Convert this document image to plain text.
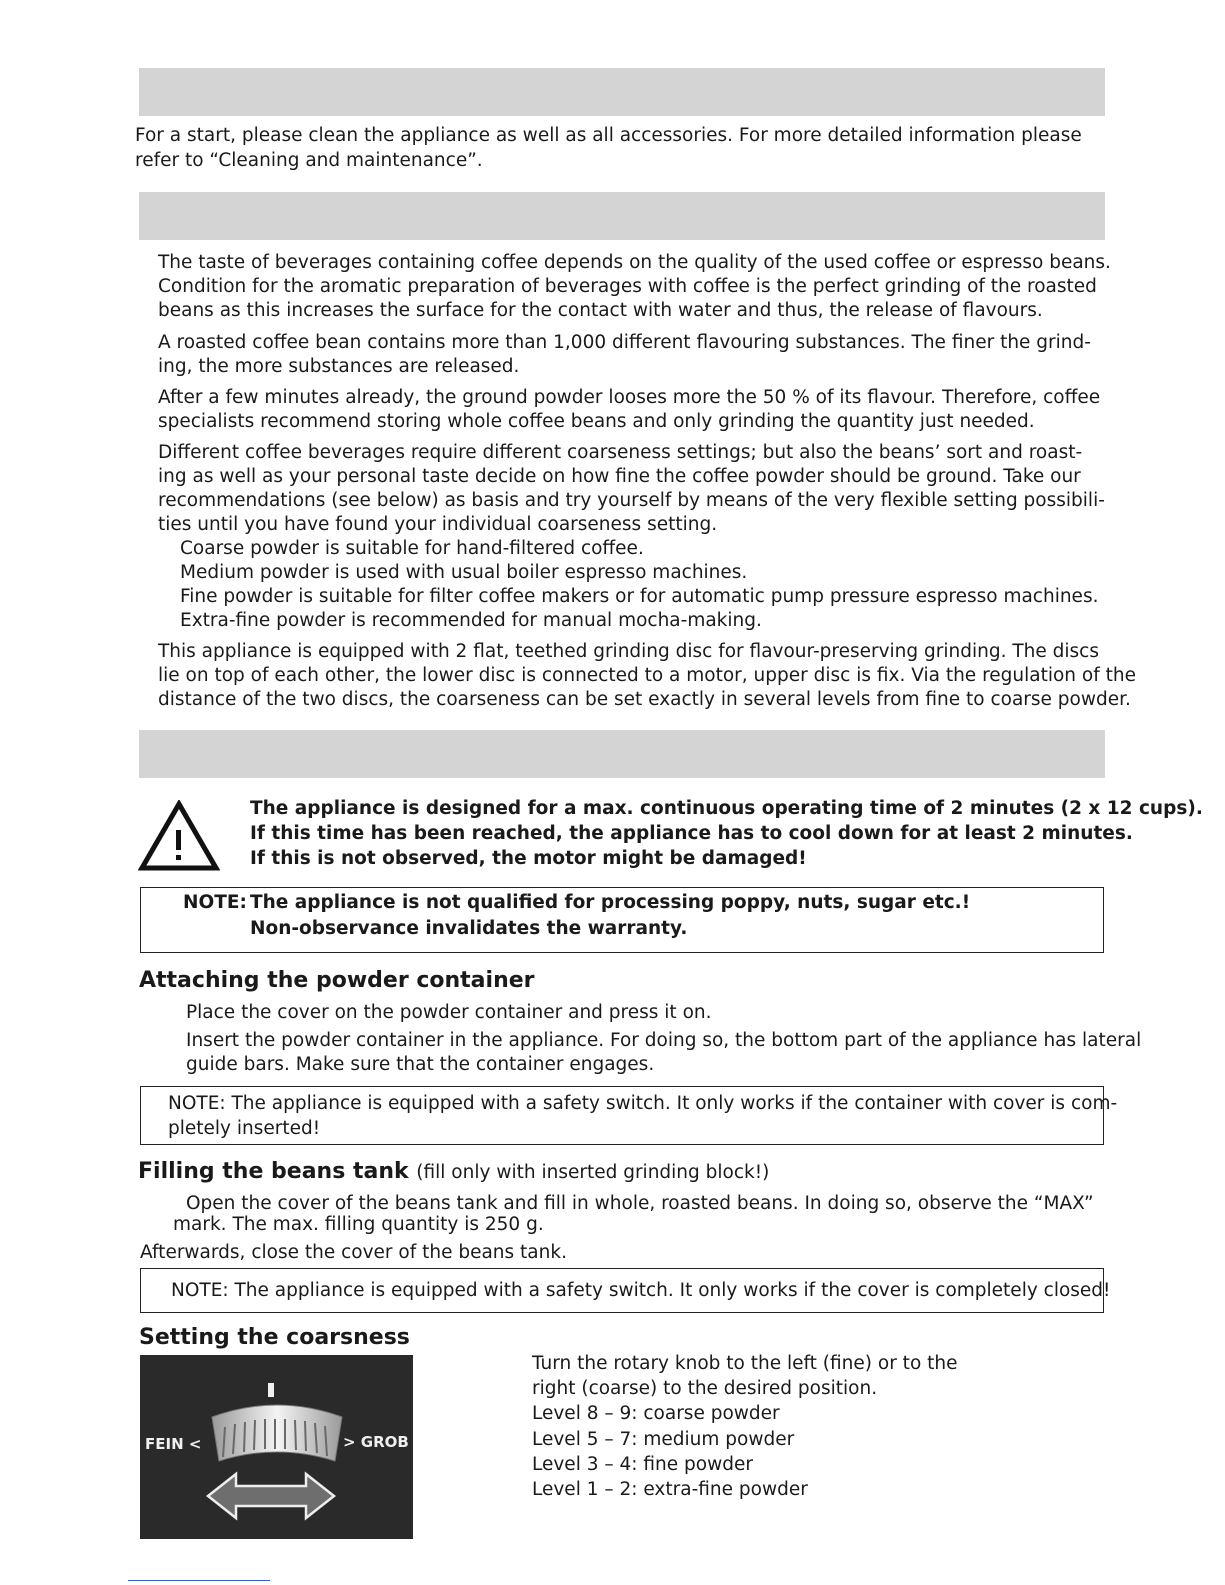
For a start, please clean the appliance as well as all accessories. For more detailed information please

refer to “Cleaning and maintenance”.

The taste of beverages containing coffee depends on the quality of the used coffee or espresso beans.

Condition for the aromatic preparation of beverages with coffee is the perfect grinding of the roasted

beans as this increases the surface for the contact with water and thus, the release of flavours.

A roasted coffee bean contains more than 1,000 different flavouring substances. The finer the grind-

ing, the more substances are released.

After a few minutes already, the ground powder looses more the 50 % of its flavour. Therefore, coffee

specialists recommend storing whole coffee beans and only grinding the quantity just needed.

Different coffee beverages require different coarseness settings; but also the beans’ sort and roast-

ing as well as your personal taste decide on how fine the coffee powder should be ground. Take our

recommendations (see below) as basis and try yourself by means of the very flexible setting possibili-

ties until you have found your individual coarseness setting.

Coarse powder is suitable for hand-filtered coffee.

Medium powder is used with usual boiler espresso machines.

Fine powder is suitable for filter coffee makers or for automatic pump pressure espresso machines.

Extra-fine powder is recommended for manual mocha-making.

This appliance is equipped with 2 flat, teethed grinding disc for flavour-preserving grinding. The discs

lie on top of each other, the lower disc is connected to a motor, upper disc is fix. Via the regulation of the

distance of the two discs, the coarseness can be set exactly in several levels from fine to coarse powder.

The appliance is designed for a max. continuous operating time of 2 minutes (2 x 12 cups).

If this time has been reached, the appliance has to cool down for at least 2 minutes.

If this is not observed, the motor might be damaged!

NOTE: The appliance is not qualified for processing poppy, nuts, sugar etc.!

Non-observance invalidates the warranty.

Attaching the powder container

Place the cover on the powder container and press it on.

Insert the powder container in the appliance. For doing so, the bottom part of the appliance has lateral

guide bars. Make sure that the container engages.

NOTE: The appliance is equipped with a safety switch. It only works if the container with cover is com-

pletely inserted!

Filling the beans tank (fill only with inserted grinding block!)

Open the cover of the beans tank and fill in whole, roasted beans. In doing so, observe the “MAX”

mark. The max. filling quantity is 250 g.

Afterwards, close the cover of the beans tank.

NOTE: The appliance is equipped with a safety switch. It only works if the cover is completely closed!

Setting the coarsness
FEIN <	> GROB

Turn the rotary knob to the left (fine) or to the

right (coarse) to the desired position.

Level 8 – 9: coarse powder

Level 5 – 7: medium powder

Level 3 – 4: fine powder

Level 1 – 2: extra-fine powder
